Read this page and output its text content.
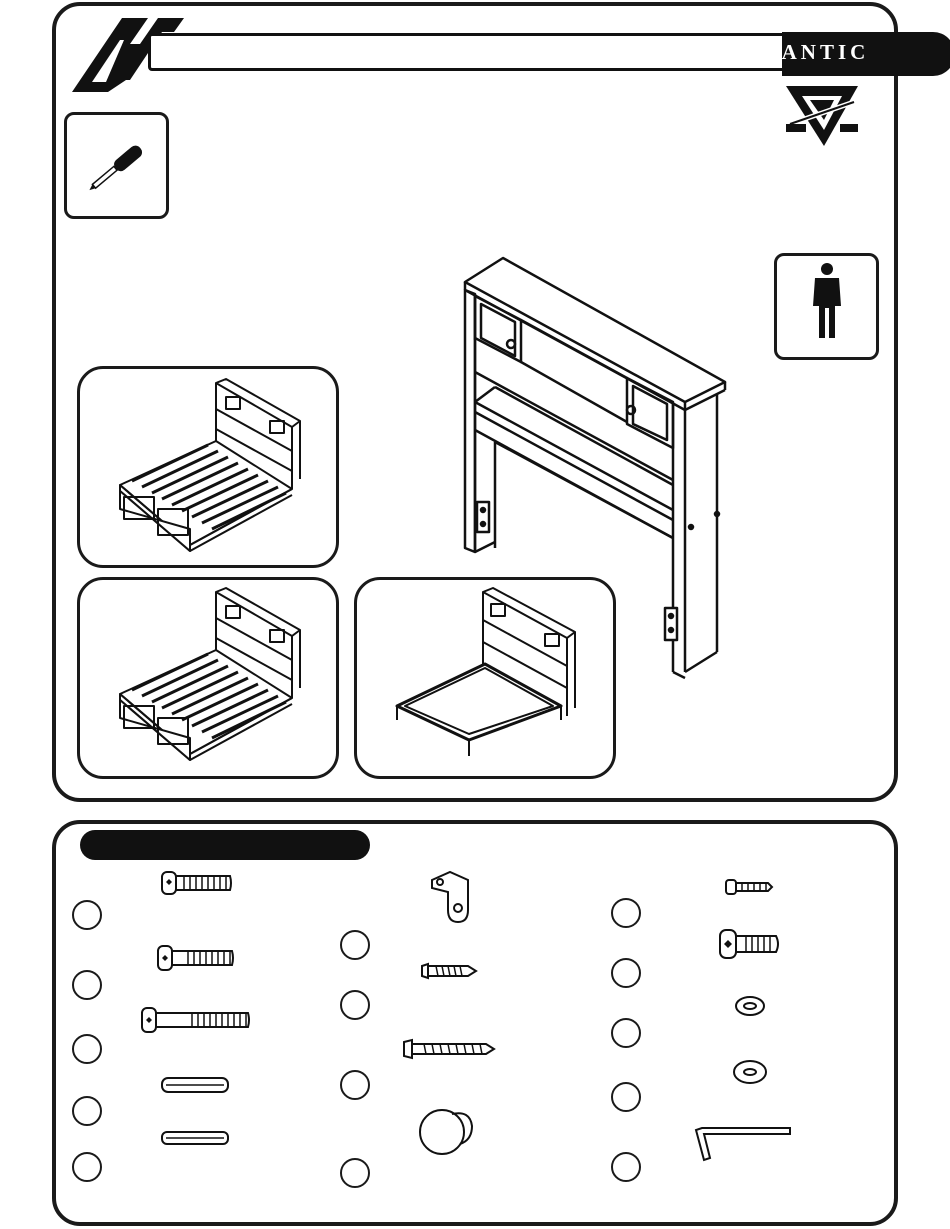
ATLANTIC
